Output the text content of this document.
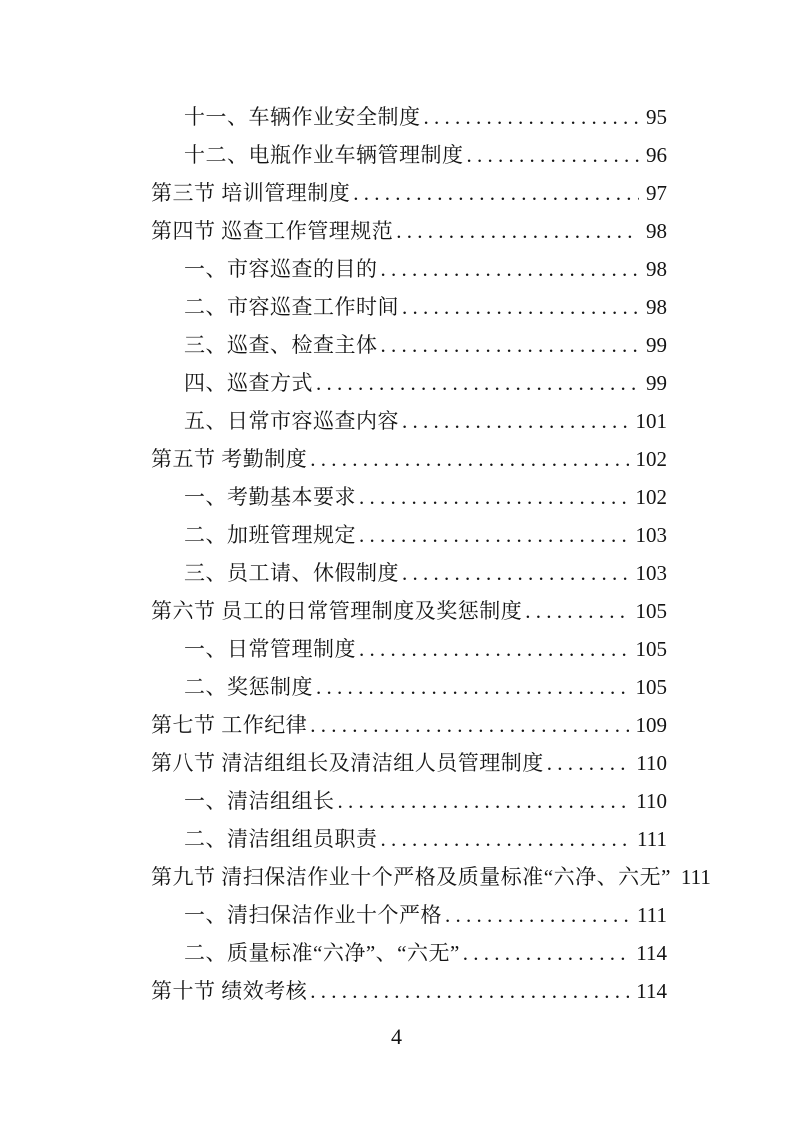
十一、车辆作业安全制度 . . .	95
十二、电瓶作业车辆管理制度 . . .	96
第三节 培训管理制度 . . .	97
第四节 巡查工作管理规范 . . .	98
一、市容巡查的目的 . . .	98
二、市容巡查工作时间 . . .	98
三、巡查、检查主体 . . .	99
四、巡查方式 . . .	99
五、日常市容巡查内容 . . .	101
第五节 考勤制度 . . .	102
一、考勤基本要求 . . .	102
二、加班管理规定 . . .	103
三、员工请、休假制度 . . .	103
第六节 员工的日常管理制度及奖惩制度 . . .	105
一、日常管理制度 . . .	105
二、奖惩制度 . . .	105
第七节 工作纪律 . . .	109
第八节 清洁组组长及清洁组人员管理制度 . . .	110
一、清洁组组长 . . .	110
二、清洁组组员职责 . . .	111
第九节 清扫保洁作业十个严格及质量标准“六净、六无” 111
一、清扫保洁作业十个严格 . . .	111
二、质量标准“六净”、“六无” . . .	114
第十节 绩效考核 . . .	114
4
